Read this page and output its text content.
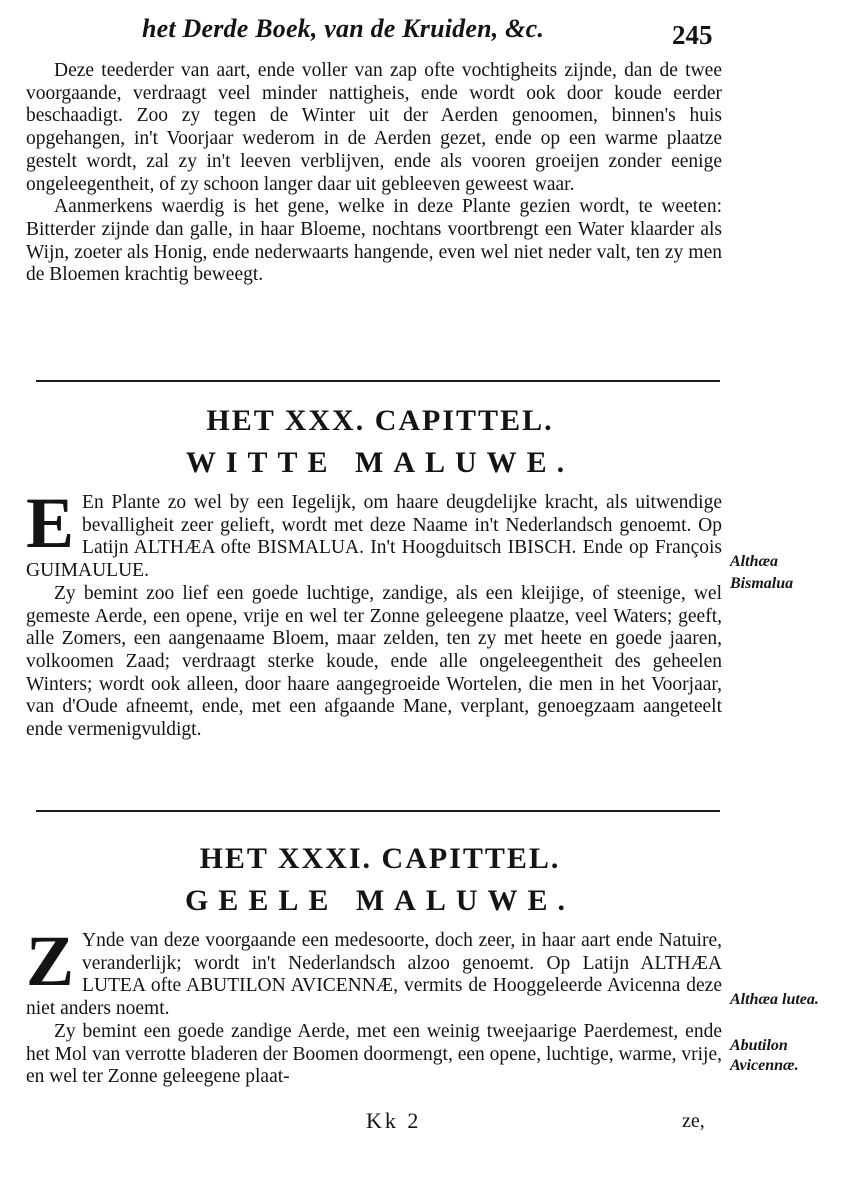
het Derde Boek, van de Kruiden, &c.	245

Deze teederder van aart, ende voller van zap ofte vochtigheits zijnde, dan de twee voorgaande, verdraagt veel minder nattigheis, ende wordt ook door koude eerder beschaadigt. Zoo zy tegen de Winter uit der Aerden genoomen, binnen's huis opgehangen, in't Voorjaar wederom in de Aerden gezet, ende op een warme plaatze gestelt wordt, zal zy in't leeven verblijven, ende als vooren groeijen zonder eenige ongeleegentheit, of zy schoon langer daar uit gebleeven geweest waar.

Aanmerkens waerdig is het gene, welke in deze Plante gezien wordt, te weeten: Bitterder zijnde dan galle, in haar Bloeme, nochtans voortbrengt een Water klaarder als Wijn, zoeter als Honig, ende nederwaarts hangende, even wel niet neder valt, ten zy men de Bloemen krachtig beweegt.

HET XXX. CAPITTEL.
WITTE MALUWE.

E En Plante zo wel by een Iegelijk, om haare deugdelijke kracht, als uitwendige bevalligheit zeer gelieft, wordt met deze Naame in't Nederlandsch genoemt. Op Latijn ALTHÆA ofte BISMALUA. In't Hoogduitsch IBISCH. Ende op François GUIMAULUE.

Zy bemint zoo lief een goede luchtige, zandige, als een kleijige, of steenige, wel gemeste Aerde, een opene, vrije en wel ter Zonne geleegene plaatze, veel Waters; geeft, alle Zomers, een aangenaame Bloem, maar zelden, ten zy met heete en goede jaaren, volkoomen Zaad; verdraagt sterke koude, ende alle ongeleegentheit des geheelen Winters; wordt ook alleen, door haare aangegroeide Wortelen, die men in het Voorjaar, van d'Oude afneemt, ende, met een afgaande Mane, verplant, genoegzaam aangeteelt ende vermenigvuldigt.

Althæa
Bismalua
HET XXXI. CAPITTEL.
GEELE MALUWE.

Z Ynde van deze voorgaande een medesoorte, doch zeer, in haar aart ende Natuire, veranderlijk; wordt in't Nederlandsch alzoo genoemt. Op Latijn ALTHÆA LUTEA ofte ABUTILON AVICENNÆ, vermits de Hooggeleerde Avicenna deze niet anders noemt.

Zy bemint een goede zandige Aerde, met een weinig tweejaarige Paerdemest, ende het Mol van verrotte bladeren der Boomen doormengt, een opene, luchtige, warme, vrije, en wel ter Zonne geleegene plaat-

Althæa lutea.
Abutilon Avicennæ.
Kk 2	ze,
